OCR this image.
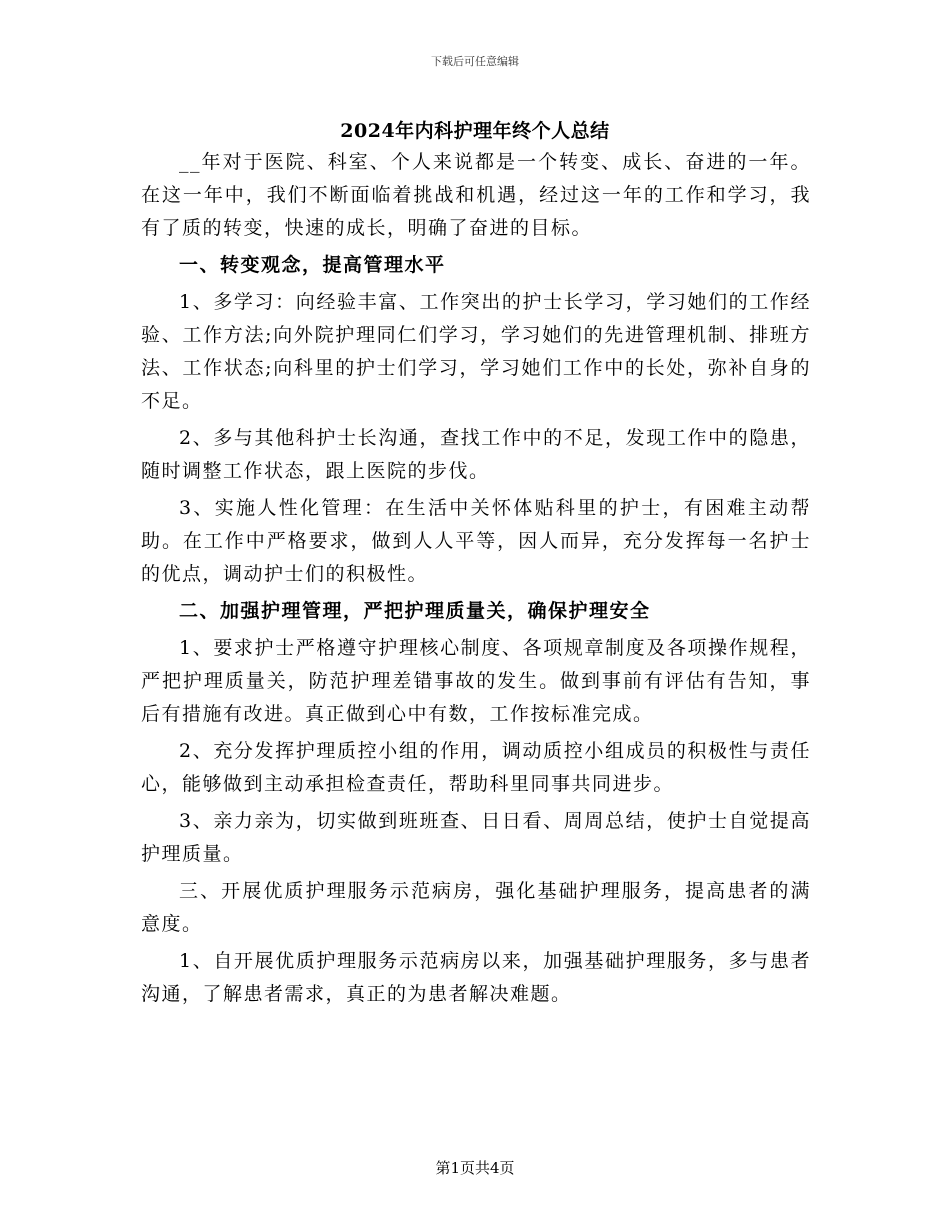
下载后可任意编辑
2024年内科护理年终个人总结

__年对于医院、科室、个人来说都是一个转变、成长、奋进的一年。在这一年中，我们不断面临着挑战和机遇，经过这一年的工作和学习，我有了质的转变，快速的成长，明确了奋进的目标。

一、转变观念，提高管理水平

1、多学习：向经验丰富、工作突出的护士长学习，学习她们的工作经验、工作方法;向外院护理同仁们学习，学习她们的先进管理机制、排班方法、工作状态;向科里的护士们学习，学习她们工作中的长处，弥补自身的不足。

2、多与其他科护士长沟通，查找工作中的不足，发现工作中的隐患，随时调整工作状态，跟上医院的步伐。

3、实施人性化管理：在生活中关怀体贴科里的护士，有困难主动帮助。在工作中严格要求，做到人人平等，因人而异，充分发挥每一名护士的优点，调动护士们的积极性。

二、加强护理管理，严把护理质量关，确保护理安全

1、要求护士严格遵守护理核心制度、各项规章制度及各项操作规程，严把护理质量关，防范护理差错事故的发生。做到事前有评估有告知，事后有措施有改进。真正做到心中有数，工作按标准完成。

2、充分发挥护理质控小组的作用，调动质控小组成员的积极性与责任心，能够做到主动承担检查责任，帮助科里同事共同进步。

3、亲力亲为，切实做到班班查、日日看、周周总结，使护士自觉提高护理质量。

三、开展优质护理服务示范病房，强化基础护理服务，提高患者的满意度。

1、自开展优质护理服务示范病房以来，加强基础护理服务，多与患者沟通，了解患者需求，真正的为患者解决难题。

第1页共4页
